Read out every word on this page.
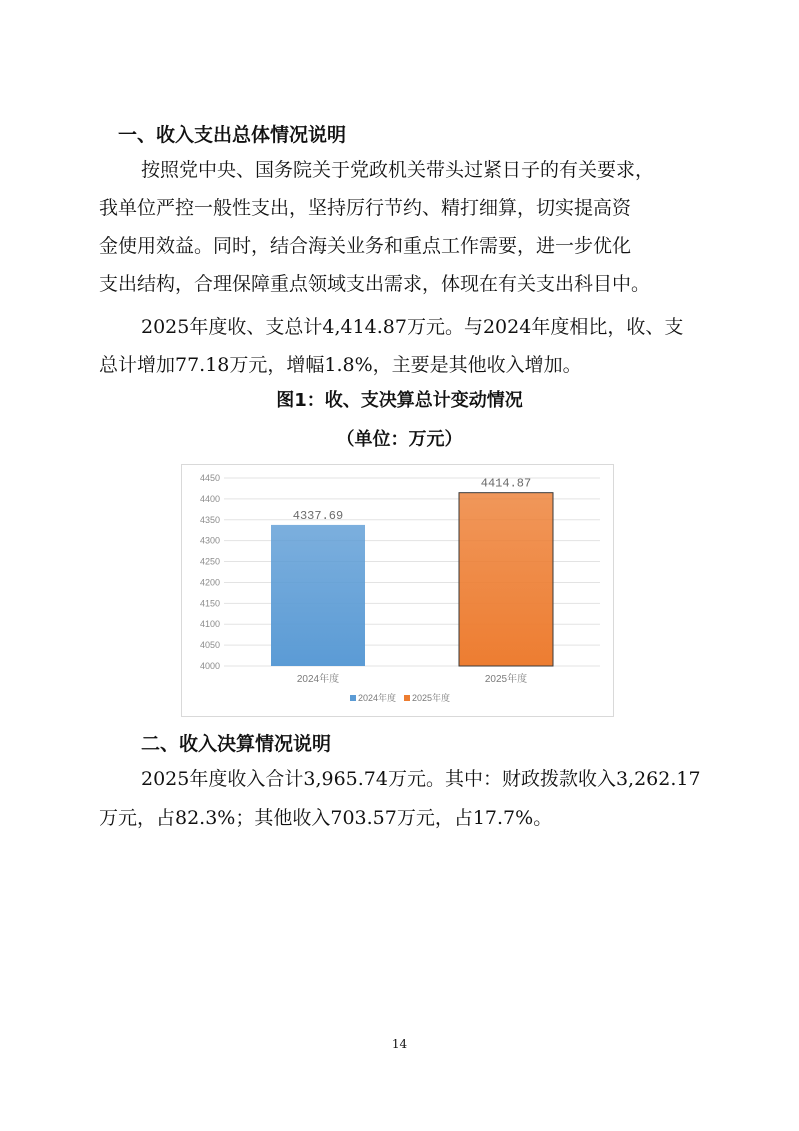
一、收入支出总体情况说明
按照党中央、国务院关于党政机关带头过紧日子的有关要求，
我单位严控一般性支出，坚持厉行节约、精打细算，切实提高资
金使用效益。同时，结合海关业务和重点工作需要，进一步优化
支出结构，合理保障重点领域支出需求，体现在有关支出科目中。
2025年度收、支总计4,414.87万元。与2024年度相比，收、支
总计增加77.18万元，增幅1.8%，主要是其他收入增加。
图1：收、支决算总计变动情况
（单位：万元）
4000
4050
4100
4150
4200
4250
4300
4350
4400
4450
4337.69
2024年度
4414.87
2025年度
2024年度 2025年度
二、收入决算情况说明
2025年度收入合计3,965.74万元。其中：财政拨款收入3,262.17
万元，占82.3%；其他收入703.57万元，占17.7%。
14
